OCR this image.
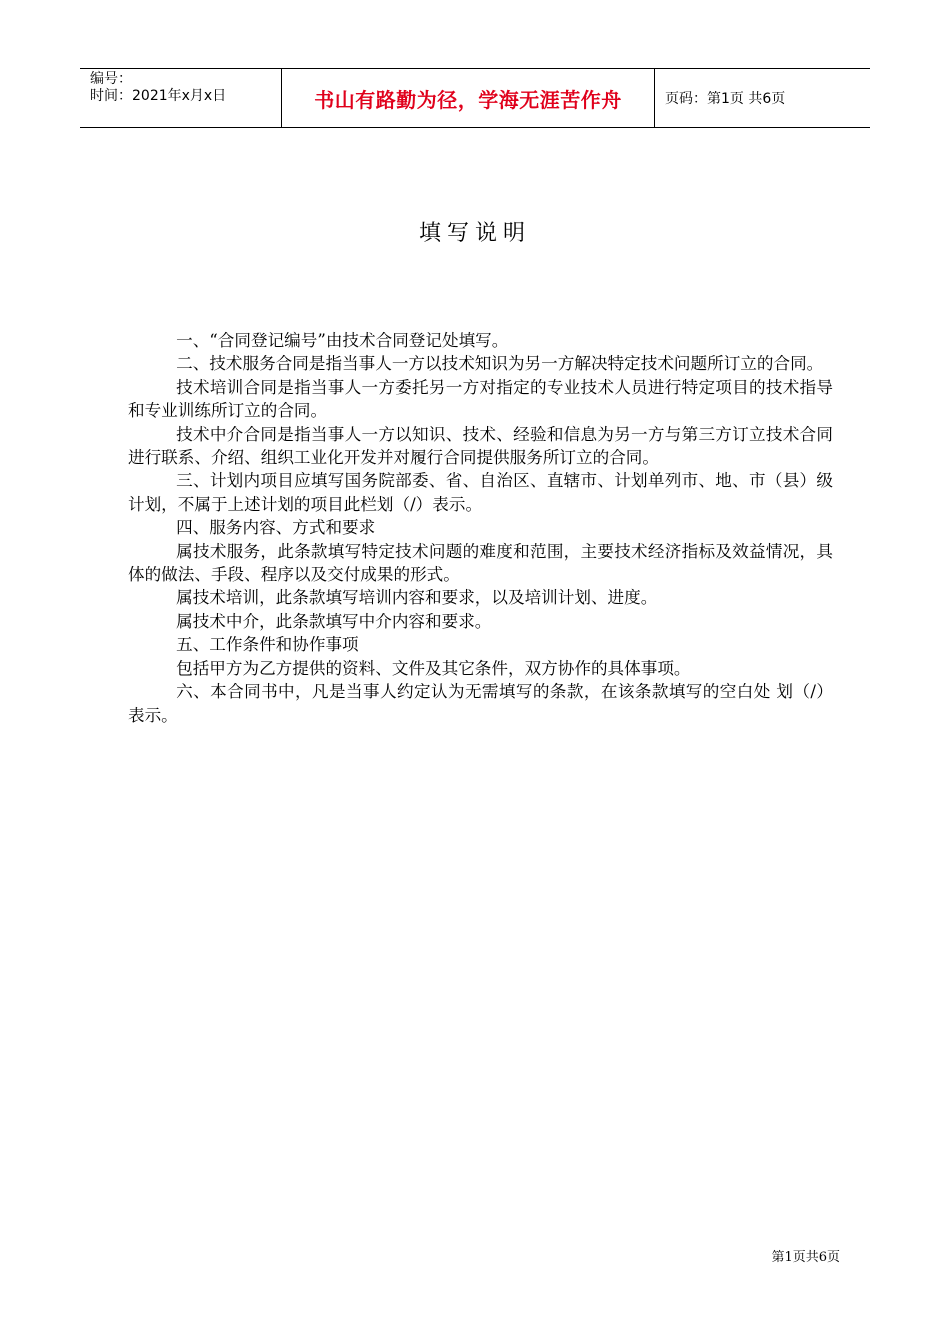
编号：
时间：2021年x月x日	书山有路勤为径，学海无涯苦作舟	页码：第1页 共6页
填写说明

一、“合同登记编号”由技术合同登记处填写。

二、技术服务合同是指当事人一方以技术知识为另一方解决特定技术问题所订立的合同。

技术培训合同是指当事人一方委托另一方对指定的专业技术人员进行特定项目的技术指导和专业训练所订立的合同。

技术中介合同是指当事人一方以知识、技术、经验和信息为另一方与第三方订立技术合同进行联系、介绍、组织工业化开发并对履行合同提供服务所订立的合同。

三、计划内项目应填写国务院部委、省、自治区、直辖市、计划单列市、地、市（县）级计划，不属于上述计划的项目此栏划（/）表示。

四、服务内容、方式和要求

属技术服务，此条款填写特定技术问题的难度和范围，主要技术经济指标及效益情况，具体的做法、手段、程序以及交付成果的形式。

属技术培训，此条款填写培训内容和要求，以及培训计划、进度。

属技术中介，此条款填写中介内容和要求。

五、工作条件和协作事项

包括甲方为乙方提供的资料、文件及其它条件，双方协作的具体事项。

六、本合同书中，凡是当事人约定认为无需填写的条款，在该条款填写的空白处 划（/）表示。

第1页共6页
